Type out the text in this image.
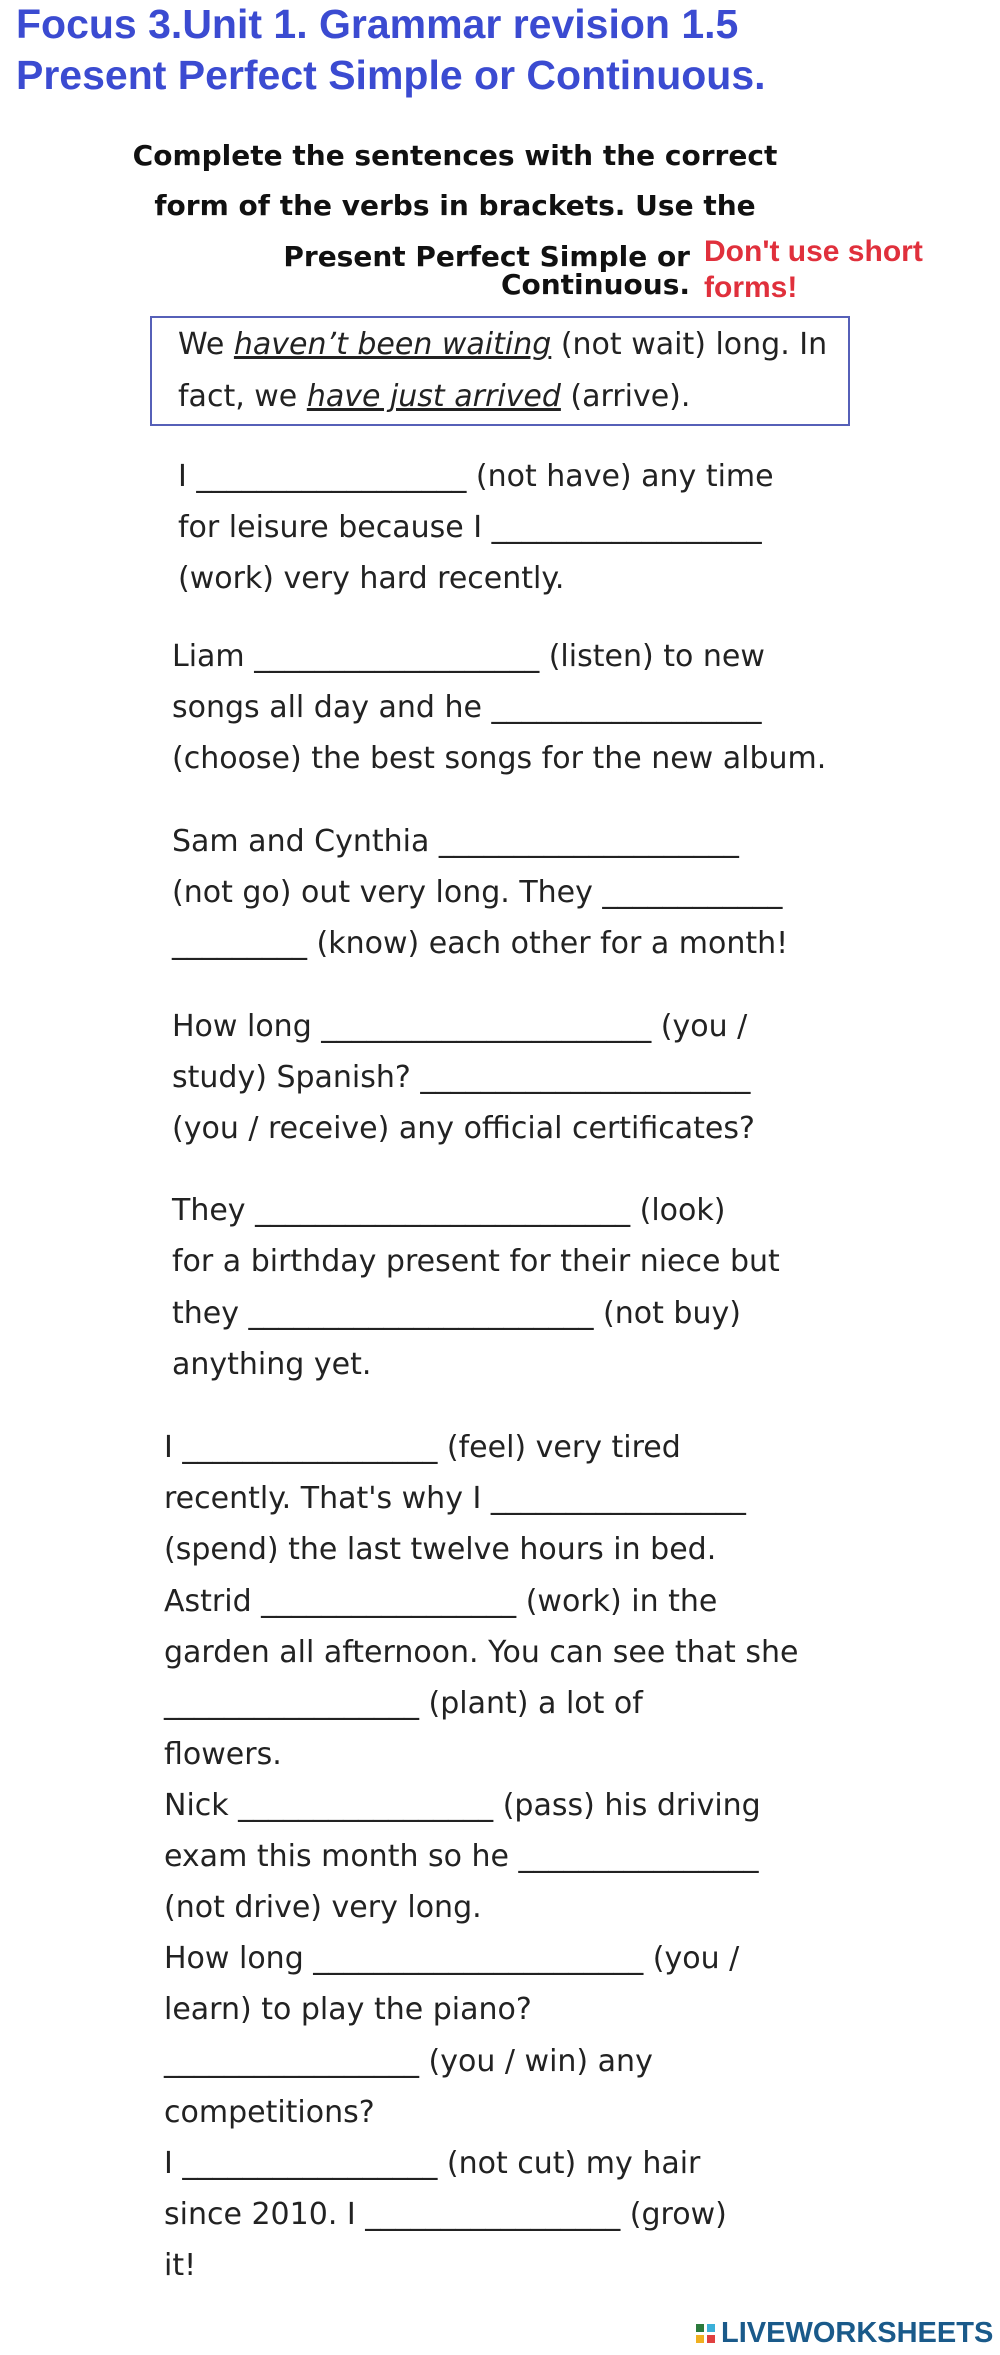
Focus 3.Unit 1. Grammar revision 1.5
Present Perfect Simple or Continuous.
Complete the sentences with the correct
form of the verbs in brackets. Use the
Present Perfect Simple or Continuous.
Don't use short
forms!
We haven’t been waiting (not wait) long. In
fact, we have just arrived (arrive).
I __________________ (not have) any time
for leisure because I __________________
(work) very hard recently.
Liam ___________________ (listen) to new
songs all day and he __________________
(choose) the best songs for the new album.
Sam and Cynthia ____________________
(not go) out very long. They ____________
_________ (know) each other for a month!
How long ______________________ (you /
study) Spanish? ______________________
(you / receive) any official certificates?
They _________________________ (look)
for a birthday present for their niece but
they _______________________ (not buy)
anything yet.
I _________________ (feel) very tired
recently. That's why I _________________
(spend) the last twelve hours in bed.
Astrid _________________ (work) in the
garden all afternoon. You can see that she
_________________ (plant) a lot of
flowers.
Nick _________________ (pass) his driving
exam this month so he ________________
(not drive) very long.
How long ______________________ (you /
learn) to play the piano?
_________________ (you / win) any
competitions?
I _________________ (not cut) my hair
since 2010. I _________________ (grow)
it!
LIVEWORKSHEETS
